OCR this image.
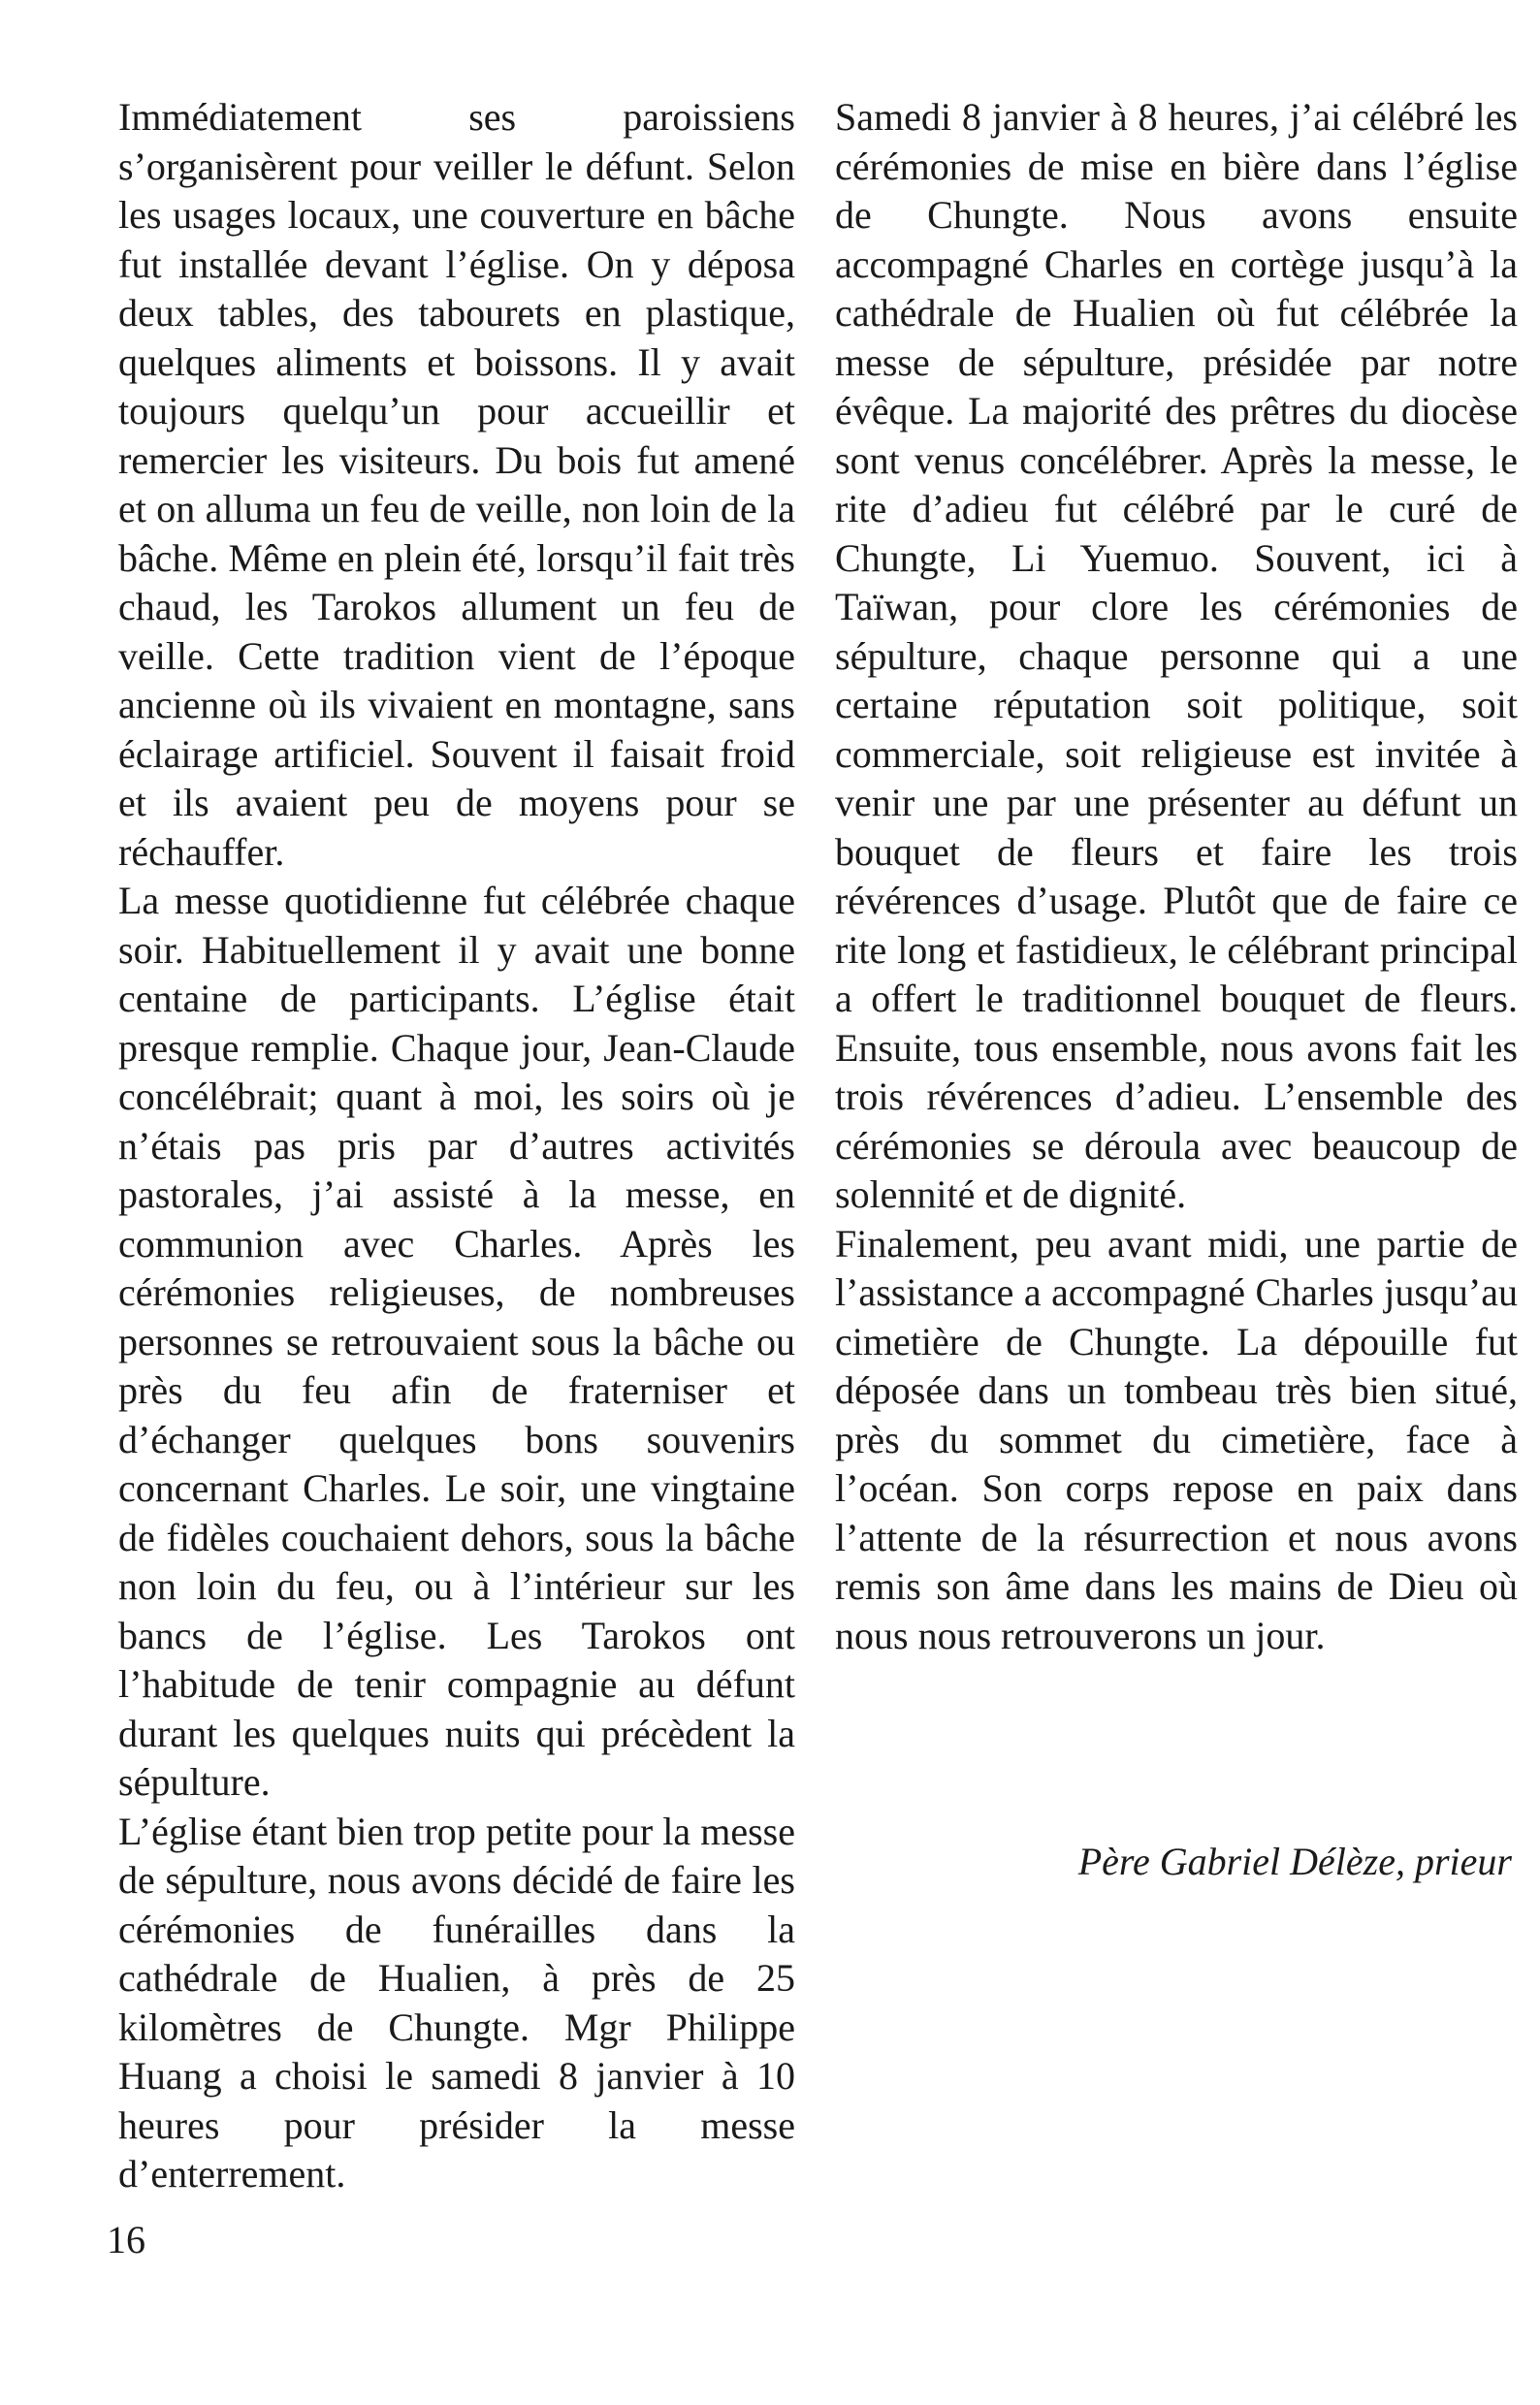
Immédiatement ses paroissiens s’organisèrent pour veiller le défunt. Selon les usages locaux, une couverture en bâche fut installée devant l’église. On y déposa deux tables, des tabourets en plastique, quelques aliments et boissons. Il y avait toujours quelqu’un pour accueillir et remercier les visiteurs. Du bois fut amené et on alluma un feu de veille, non loin de la bâche. Même en plein été, lorsqu’il fait très chaud, les Tarokos allument un feu de veille. Cette tradition vient de l’époque ancienne où ils vivaient en montagne, sans éclairage artificiel. Souvent il faisait froid et ils avaient peu de moyens pour se réchauffer.

La messe quotidienne fut célébrée chaque soir. Habituellement il y avait une bonne centaine de participants. L’église était presque remplie. Chaque jour, Jean-Claude concélébrait; quant à moi, les soirs où je n’étais pas pris par d’autres activités pastorales, j’ai assisté à la messe, en communion avec Charles. Après les cérémonies religieuses, de nombreuses personnes se retrouvaient sous la bâche ou près du feu afin de fraterniser et d’échanger quelques bons souvenirs concernant Charles. Le soir, une vingtaine de fidèles couchaient dehors, sous la bâche non loin du feu, ou à l’intérieur sur les bancs de l’église. Les Tarokos ont l’habitude de tenir compagnie au défunt durant les quelques nuits qui précèdent la sépulture.

L’église étant bien trop petite pour la messe de sépulture, nous avons décidé de faire les cérémonies de funérailles dans la cathédrale de Hualien, à près de 25 kilomètres de Chungte. Mgr Philippe Huang a choisi le samedi 8 janvier à 10 heures pour présider la messe d’enterrement.

Samedi 8 janvier à 8 heures, j’ai célébré les cérémonies de mise en bière dans l’église de Chungte. Nous avons ensuite accompagné Charles en cortège jusqu’à la cathédrale de Hualien où fut célébrée la messe de sépulture, présidée par notre évêque. La majorité des prêtres du diocèse sont venus concélébrer. Après la messe, le rite d’adieu fut célébré par le curé de Chungte, Li Yuemuo. Souvent, ici à Taïwan, pour clore les cérémonies de sépulture, chaque personne qui a une certaine réputation soit politique, soit commerciale, soit religieuse est invitée à venir une par une présenter au défunt un bouquet de fleurs et faire les trois révérences d’usage. Plutôt que de faire ce rite long et fastidieux, le célébrant principal a offert le traditionnel bouquet de fleurs. Ensuite, tous ensemble, nous avons fait les trois révérences d’adieu. L’ensemble des cérémonies se déroula avec beaucoup de solennité et de dignité.

Finalement, peu avant midi, une partie de l’assistance a accompagné Charles jusqu’au cimetière de Chungte. La dépouille fut déposée dans un tombeau très bien situé, près du sommet du cimetière, face à l’océan. Son corps repose en paix dans l’attente de la résurrection et nous avons remis son âme dans les mains de Dieu où nous nous retrouverons un jour.

Père Gabriel Délèze, prieur
16
